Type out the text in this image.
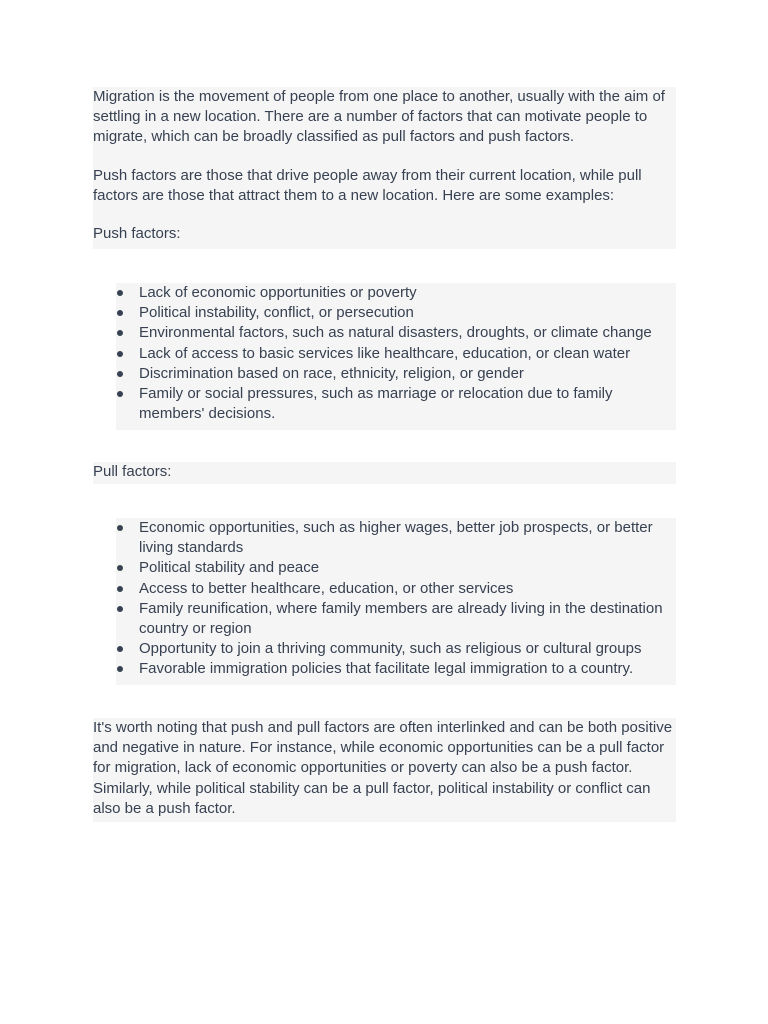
Migration is the movement of people from one place to another, usually with the aim of settling in a new location. There are a number of factors that can motivate people to migrate, which can be broadly classified as pull factors and push factors.

Push factors are those that drive people away from their current location, while pull factors are those that attract them to a new location. Here are some examples:

Push factors:

Lack of economic opportunities or poverty
Political instability, conflict, or persecution
Environmental factors, such as natural disasters, droughts, or climate change
Lack of access to basic services like healthcare, education, or clean water
Discrimination based on race, ethnicity, religion, or gender
Family or social pressures, such as marriage or relocation due to family members' decisions.

Pull factors:

Economic opportunities, such as higher wages, better job prospects, or better living standards
Political stability and peace
Access to better healthcare, education, or other services
Family reunification, where family members are already living in the destination country or region
Opportunity to join a thriving community, such as religious or cultural groups
Favorable immigration policies that facilitate legal immigration to a country.

It's worth noting that push and pull factors are often interlinked and can be both positive and negative in nature. For instance, while economic opportunities can be a pull factor for migration, lack of economic opportunities or poverty can also be a push factor. Similarly, while political stability can be a pull factor, political instability or conflict can also be a push factor.
